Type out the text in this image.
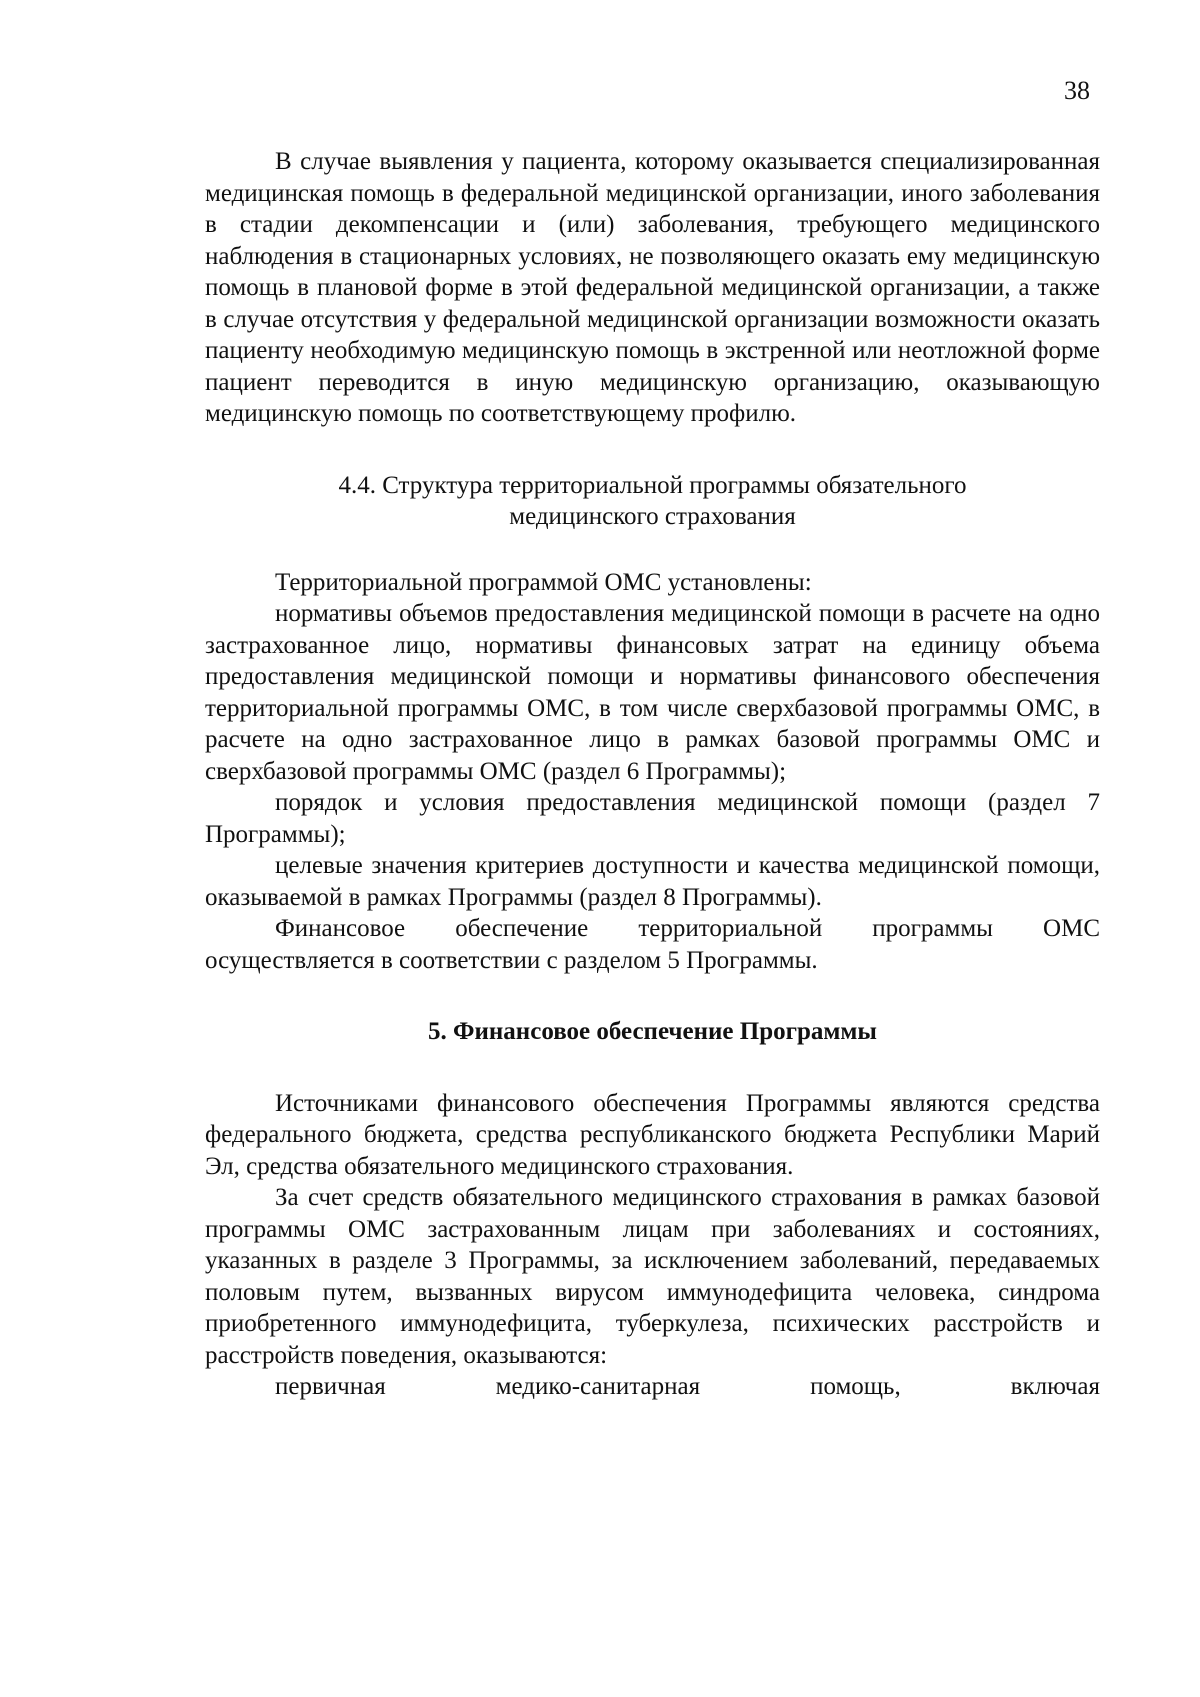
38

В случае выявления у пациента, которому оказывается специализированная медицинская помощь в федеральной медицинской организации, иного заболевания в стадии декомпенсации и (или) заболевания, требующего медицинского наблюдения в стационарных условиях, не позволяющего оказать ему медицинскую помощь в плановой форме в этой федеральной медицинской организации, а также в случае отсутствия у федеральной медицинской организации возможности оказать пациенту необходимую медицинскую помощь в экстренной или неотложной форме пациент переводится в иную медицинскую организацию, оказывающую медицинскую помощь по соответствующему профилю.

4.4. Структура территориальной программы обязательного
медицинского страхования

Территориальной программой ОМС установлены:

нормативы объемов предоставления медицинской помощи в расчете на одно застрахованное лицо, нормативы финансовых затрат на единицу объема предоставления медицинской помощи и нормативы финансового обеспечения территориальной программы ОМС, в том числе сверхбазовой программы ОМС, в расчете на одно застрахованное лицо в рамках базовой программы ОМС и сверхбазовой программы ОМС (раздел 6 Программы);

порядок и условия предоставления медицинской помощи (раздел 7 Программы);

целевые значения критериев доступности и качества медицинской помощи, оказываемой в рамках Программы (раздел 8 Программы).

Финансовое обеспечение территориальной программы ОМС осуществляется в соответствии с разделом 5 Программы.

5. Финансовое обеспечение Программы

Источниками финансового обеспечения Программы являются средства федерального бюджета, средства республиканского бюджета Республики Марий Эл, средства обязательного медицинского страхования.

За счет средств обязательного медицинского страхования в рамках базовой программы ОМС застрахованным лицам при заболеваниях и состояниях, указанных в разделе 3 Программы, за исключением заболеваний, передаваемых половым путем, вызванных вирусом иммунодефицита человека, синдрома приобретенного иммунодефицита, туберкулеза, психических расстройств и расстройств поведения, оказываются:

первичная	медико-санитарная	помощь,	включая
